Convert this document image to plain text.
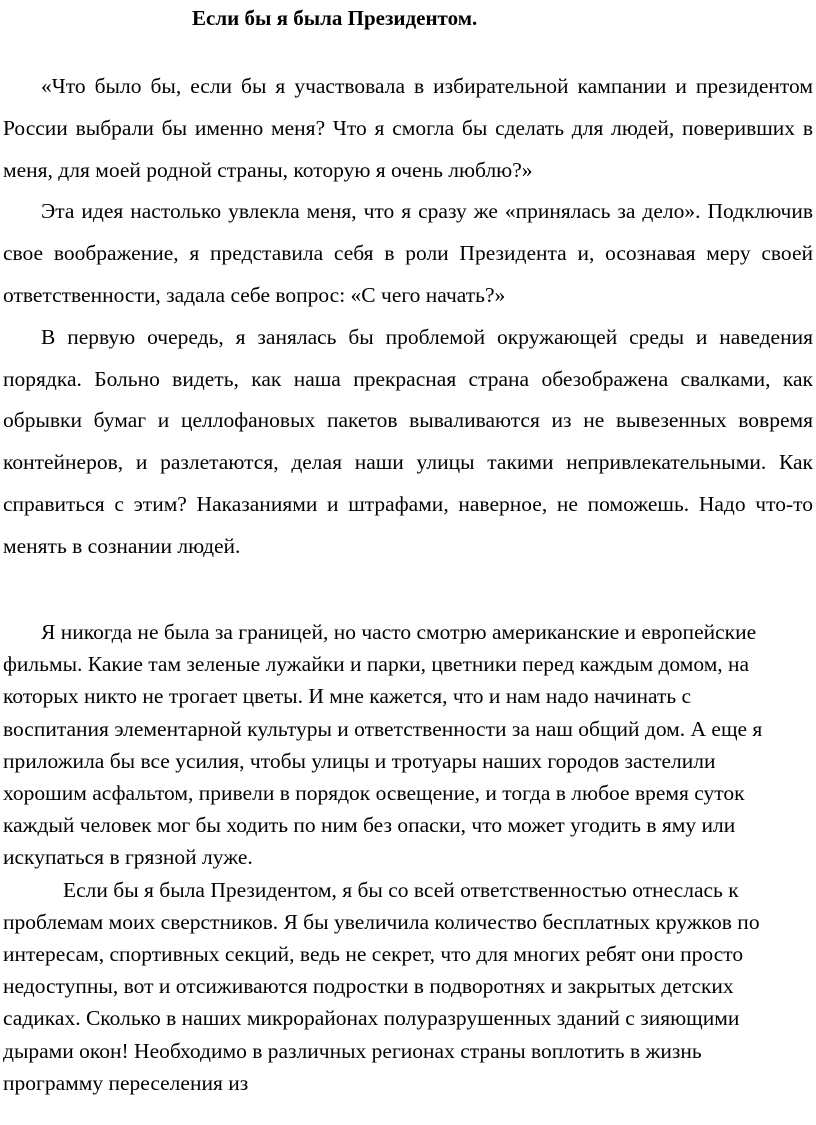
Если бы я была Президентом.

«Что было бы, если бы я участвовала в избирательной кампании и президентом России выбрали бы именно меня? Что я смогла бы сделать для людей, поверивших в меня, для моей родной страны, которую я очень люблю?»

Эта идея настолько увлекла меня, что я сразу же «принялась за дело». Подключив свое воображение, я представила себя в роли Президента и, осознавая меру своей ответственности, задала себе вопрос: «С чего начать?»

В первую очередь, я занялась бы проблемой окружающей среды и наведения порядка. Больно видеть, как наша прекрасная страна обезображена свалками, как обрывки бумаг и целлофановых пакетов вываливаются из не вывезенных вовремя контейнеров, и разлетаются, делая наши улицы такими непривлекательными. Как справиться с этим? Наказаниями и штрафами, наверное, не поможешь. Надо что-то менять в сознании людей.

Я никогда не была за границей, но часто смотрю американские и европейские фильмы. Какие там зеленые лужайки и парки, цветники перед каждым домом, на которых никто не трогает цветы. И мне кажется, что и нам надо начинать с воспитания элементарной культуры и ответственности за наш общий дом. А еще я приложила бы все усилия, чтобы улицы и тротуары наших городов застелили хорошим асфальтом, привели в порядок освещение, и тогда в любое время суток каждый человек мог бы ходить по ним без опаски, что может угодить в яму или искупаться в грязной луже.

Если бы я была Президентом, я бы со всей ответственностью отнеслась к проблемам моих сверстников. Я бы увеличила количество бесплатных кружков по интересам, спортивных секций, ведь не секрет, что для многих ребят они просто недоступны, вот и отсиживаются подростки в подворотнях и закрытых детских садиках. Сколько в наших микрорайонах полуразрушенных зданий с зияющими дырами окон! Необходимо в различных регионах страны воплотить в жизнь программу переселения из
